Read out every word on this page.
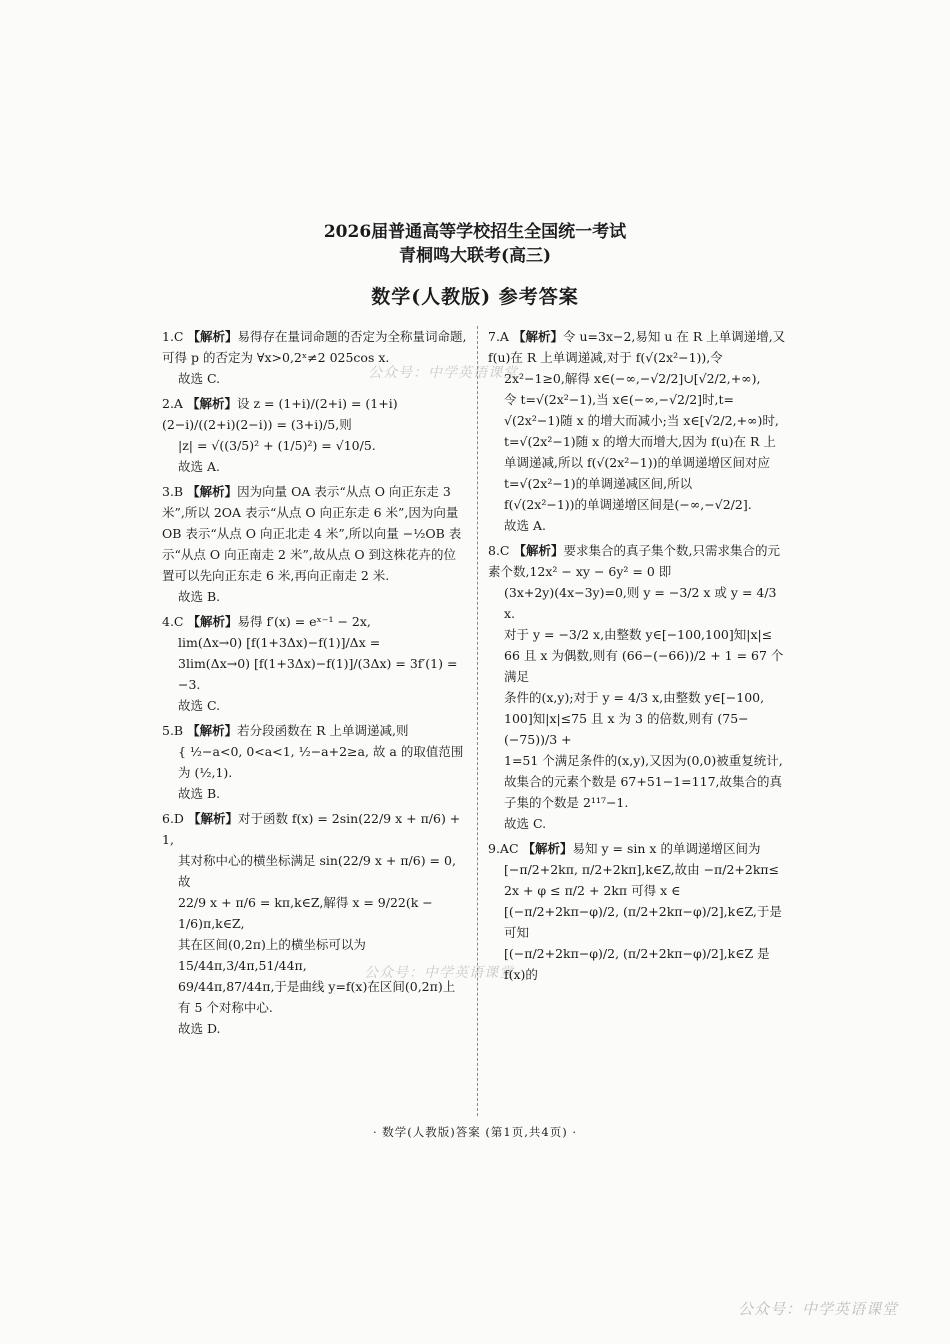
2026届普通高等学校招生全国统一考试
青桐鸣大联考(高三)
数学(人教版) 参考答案
公众号：中学英语课堂
公众号：中学英语课堂
公众号：中学英语课堂

1.C 【解析】易得存在量词命题的否定为全称量词命题,可得 p 的否定为 ∀x>0,2ˣ≠2 025cos x.

故选 C.

2.A 【解析】设 z = (1+i)/(2+i) = (1+i)(2−i)/((2+i)(2−i)) = (3+i)/5,则

|z| = √((3/5)² + (1/5)²) = √10/5.

故选 A.

3.B 【解析】因为向量 OA 表示“从点 O 向正东走 3 米”,所以 2OA 表示“从点 O 向正东走 6 米”,因为向量 OB 表示“从点 O 向正北走 4 米”,所以向量 −½OB 表示“从点 O 向正南走 2 米”,故从点 O 到这株花卉的位置可以先向正东走 6 米,再向正南走 2 米.

故选 B.

4.C 【解析】易得 f′(x) = eˣ⁻¹ − 2x,

lim(Δx→0) [f(1+3Δx)−f(1)]/Δx =

3lim(Δx→0) [f(1+3Δx)−f(1)]/(3Δx) = 3f′(1) = −3.

故选 C.

5.B 【解析】若分段函数在 R 上单调递减,则

{ ½−a<0, 0<a<1, ½−a+2≥a, 故 a 的取值范围为 (½,1).

故选 B.

6.D 【解析】对于函数 f(x) = 2sin(22/9 x + π/6) + 1,

其对称中心的横坐标满足 sin(22/9 x + π/6) = 0,故

22/9 x + π/6 = kπ,k∈Z,解得 x = 9/22(k − 1/6)π,k∈Z,

其在区间(0,2π)上的横坐标可以为 15/44π,3/4π,51/44π,

69/44π,87/44π,于是曲线 y=f(x)在区间(0,2π)上有 5 个对称中心.

故选 D.

7.A 【解析】令 u=3x−2,易知 u 在 R 上单调递增,又 f(u)在 R 上单调递减,对于 f(√(2x²−1)),令

2x²−1≥0,解得 x∈(−∞,−√2/2]∪[√2/2,+∞),

令 t=√(2x²−1),当 x∈(−∞,−√2/2]时,t=

√(2x²−1)随 x 的增大而减小;当 x∈[√2/2,+∞)时,

t=√(2x²−1)随 x 的增大而增大,因为 f(u)在 R 上单调递减,所以 f(√(2x²−1))的单调递增区间对应 t=√(2x²−1)的单调递减区间,所以

f(√(2x²−1))的单调递增区间是(−∞,−√2/2].

故选 A.

8.C 【解析】要求集合的真子集个数,只需求集合的元素个数,12x² − xy − 6y² = 0 即

(3x+2y)(4x−3y)=0,则 y = −3/2 x 或 y = 4/3 x.

对于 y = −3/2 x,由整数 y∈[−100,100]知|x|≤

66 且 x 为偶数,则有 (66−(−66))/2 + 1 = 67 个满足

条件的(x,y);对于 y = 4/3 x,由整数 y∈[−100,

100]知|x|≤75 且 x 为 3 的倍数,则有 (75−(−75))/3 +

1=51 个满足条件的(x,y),又因为(0,0)被重复统计,故集合的元素个数是 67+51−1=117,故集合的真子集的个数是 2¹¹⁷−1.

故选 C.

9.AC 【解析】易知 y = sin x 的单调递增区间为

[−π/2+2kπ, π/2+2kπ],k∈Z,故由 −π/2+2kπ≤

2x + φ ≤ π/2 + 2kπ 可得 x ∈

[(−π/2+2kπ−φ)/2, (π/2+2kπ−φ)/2],k∈Z,于是可知

[(−π/2+2kπ−φ)/2, (π/2+2kπ−φ)/2],k∈Z 是 f(x)的

· 数学(人教版)答案 (第1页,共4页) ·
